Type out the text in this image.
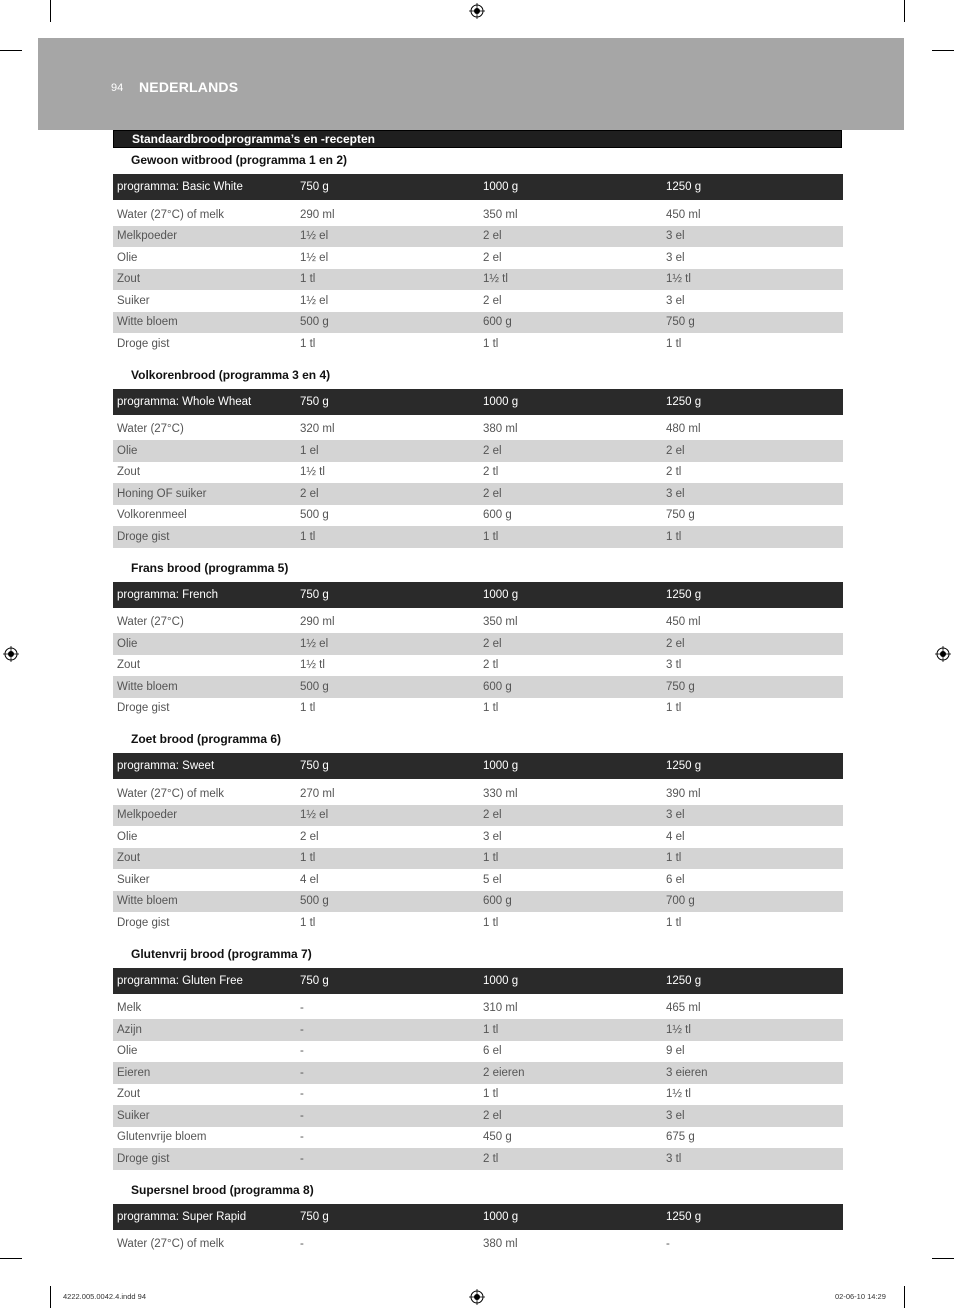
94 NEDERLANDS
Standaardbroodprogramma’s en -recepten
Gewoon witbrood (programma 1 en 2)
programma: Basic White	750 g	1000 g	1250 g
Water (27°C) of melk	290 ml	350 ml	450 ml
Melkpoeder	1½ el	2 el	3 el
Olie	1½ el	2 el	3 el
Zout	1 tl	1½ tl	1½ tl
Suiker	1½ el	2 el	3 el
Witte bloem	500 g	600 g	750 g
Droge gist	1 tl	1 tl	1 tl
Volkorenbrood (programma 3 en 4)
programma: Whole Wheat	750 g	1000 g	1250 g
Water (27°C)	320 ml	380 ml	480 ml
Olie	1 el	2 el	2 el
Zout	1½ tl	2 tl	2 tl
Honing OF suiker	2 el	2 el	3 el
Volkorenmeel	500 g	600 g	750 g
Droge gist	1 tl	1 tl	1 tl
Frans brood (programma 5)
programma: French	750 g	1000 g	1250 g
Water (27°C)	290 ml	350 ml	450 ml
Olie	1½ el	2 el	2 el
Zout	1½ tl	2 tl	3 tl
Witte bloem	500 g	600 g	750 g
Droge gist	1 tl	1 tl	1 tl
Zoet brood (programma 6)
programma: Sweet	750 g	1000 g	1250 g
Water (27°C) of melk	270 ml	330 ml	390 ml
Melkpoeder	1½ el	2 el	3 el
Olie	2 el	3 el	4 el
Zout	1 tl	1 tl	1 tl
Suiker	4 el	5 el	6 el
Witte bloem	500 g	600 g	700 g
Droge gist	1 tl	1 tl	1 tl
Glutenvrij brood (programma 7)
programma: Gluten Free	750 g	1000 g	1250 g
Melk	-	310 ml	465 ml
Azijn	-	1 tl	1½ tl
Olie	-	6 el	9 el
Eieren	-	2 eieren	3 eieren
Zout	-	1 tl	1½ tl
Suiker	-	2 el	3 el
Glutenvrije bloem	-	450 g	675 g
Droge gist	-	2 tl	3 tl
Supersnel brood (programma 8)
programma: Super Rapid	750 g	1000 g	1250 g
Water (27°C) of melk	-	380 ml	-
4222.005.0042.4.indd 94	02-06-10 14:29
